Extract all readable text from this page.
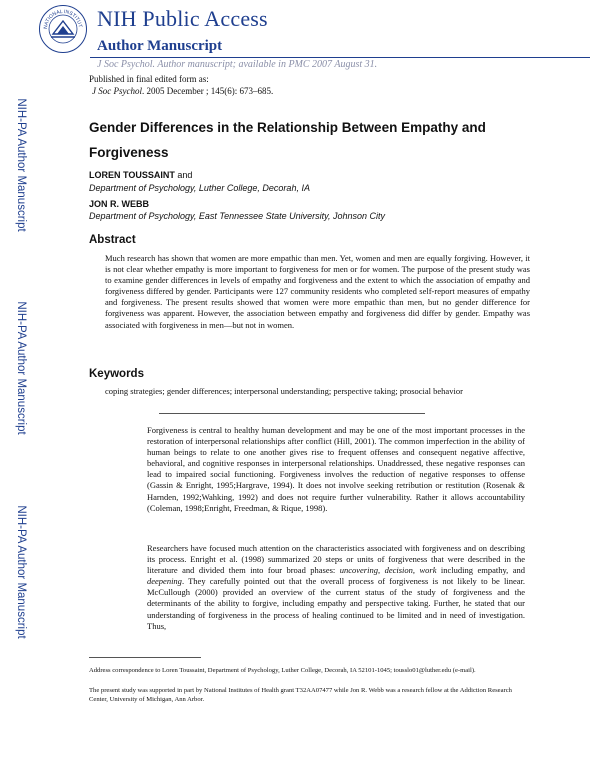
NATIONAL INSTITUT NIH Public Access
Author Manuscript
J Soc Psychol. Author manuscript; available in PMC 2007 August 31.
Published in final edited form as:
J Soc Psychol. 2005 December ; 145(6): 673–685.
NIH-PA Author Manuscript
NIH-PA Author Manuscript
NIH-PA Author Manuscript
Gender Differences in the Relationship Between Empathy and Forgiveness
LOREN TOUSSAINT and
Department of Psychology, Luther College, Decorah, IA
JON R. WEBB
Department of Psychology, East Tennessee State University, Johnson City
Abstract
Much research has shown that women are more empathic than men. Yet, women and men are equally forgiving. However, it is not clear whether empathy is more important to forgiveness for men or for women. The purpose of the present study was to examine gender differences in levels of empathy and forgiveness and the extent to which the association of empathy and forgiveness differed by gender. Participants were 127 community residents who completed self-report measures of empathy and forgiveness. The present results showed that women were more empathic than men, but no gender difference for forgiveness was apparent. However, the association between empathy and forgiveness did differ by gender. Empathy was associated with forgiveness in men—but not in women.
Keywords
coping strategies; gender differences; interpersonal understanding; perspective taking; prosocial behavior
Forgiveness is central to healthy human development and may be one of the most important processes in the restoration of interpersonal relationships after conflict (Hill, 2001). The common imperfection in the ability of human beings to relate to one another gives rise to frequent offenses and consequent negative affective, behavioral, and cognitive responses in interpersonal relationships. Unaddressed, these negative responses can lead to impaired social functioning. Forgiveness involves the reduction of negative responses to offense (Gassin & Enright, 1995;Hargrave, 1994). It does not involve seeking retribution or restitution (Rosenak & Harnden, 1992;Wahking, 1992) and does not require further vulnerability. Rather it allows accountability (Coleman, 1998;Enright, Freedman, & Rique, 1998).
Researchers have focused much attention on the characteristics associated with forgiveness and on describing its process. Enright et al. (1998) summarized 20 steps or units of forgiveness that were described in the literature and divided them into four broad phases: uncovering, decision, work including empathy, and deepening. They carefully pointed out that the overall process of forgiveness is not likely to be linear. McCullough (2000) provided an overview of the current status of the study of forgiveness and the determinants of the ability to forgive, including empathy and perspective taking. Further, he stated that our understanding of forgiveness in the process of healing continued to be limited and in need of investigation. Thus,
Address correspondence to Loren Toussaint, Department of Psychology, Luther College, Decorah, IA 52101-1045; tousslo01@luther.edu (e-mail).
The present study was supported in part by National Institutes of Health grant T32AA07477 while Jon R. Webb was a research fellow at the Addiction Research Center, University of Michigan, Ann Arbor.
